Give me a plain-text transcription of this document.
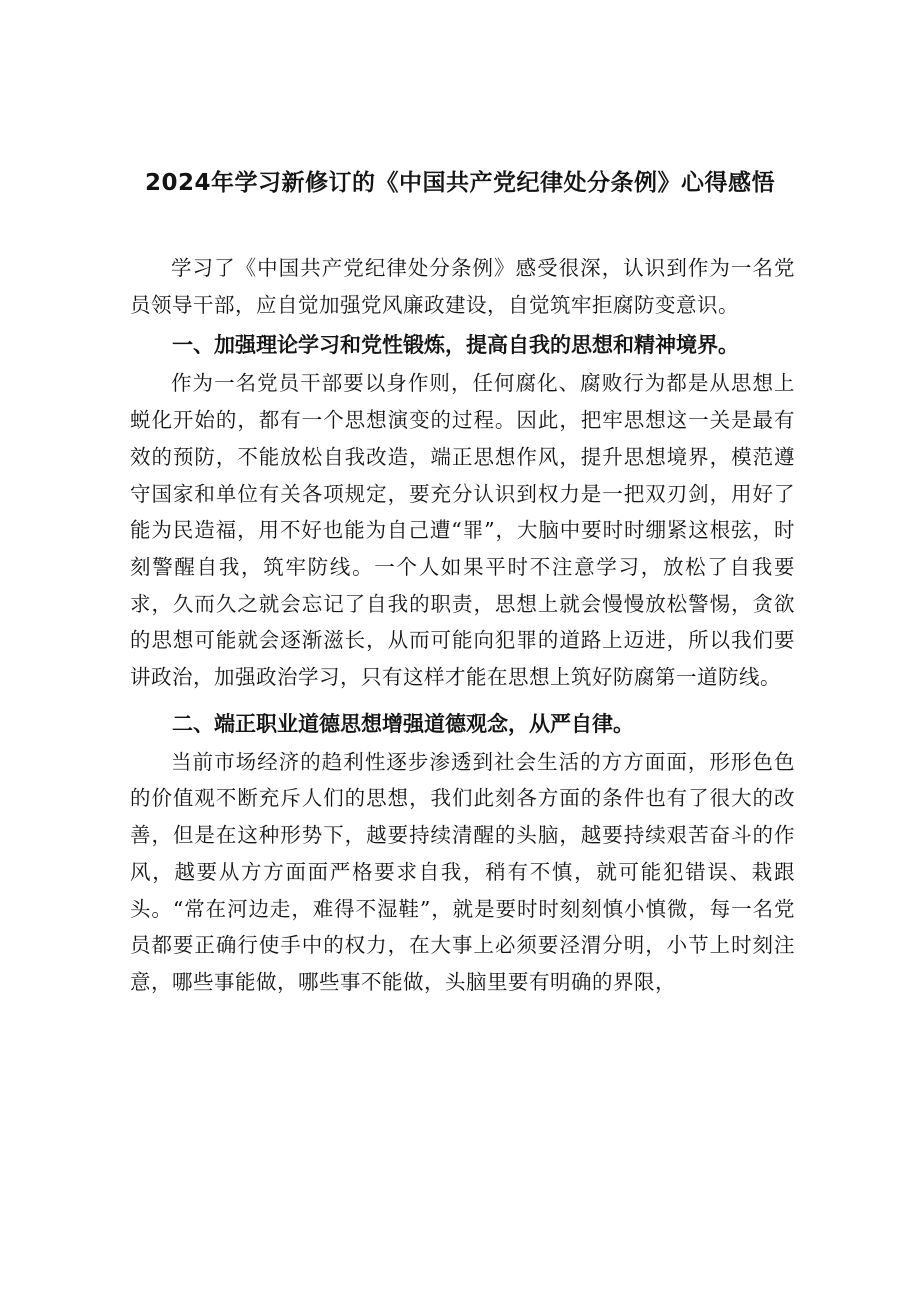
2024年学习新修订的《中国共产党纪律处分条例》心得感悟

学习了《中国共产党纪律处分条例》感受很深，认识到作为一名党员领导干部，应自觉加强党风廉政建设，自觉筑牢拒腐防变意识。

一、加强理论学习和党性锻炼，提高自我的思想和精神境界。

作为一名党员干部要以身作则，任何腐化、腐败行为都是从思想上蜕化开始的，都有一个思想演变的过程。因此，把牢思想这一关是最有效的预防，不能放松自我改造，端正思想作风，提升思想境界，模范遵守国家和单位有关各项规定，要充分认识到权力是一把双刃剑，用好了能为民造福，用不好也能为自己遭“罪”，大脑中要时时绷紧这根弦，时刻警醒自我，筑牢防线。一个人如果平时不注意学习，放松了自我要求，久而久之就会忘记了自我的职责，思想上就会慢慢放松警惕，贪欲的思想可能就会逐渐滋长，从而可能向犯罪的道路上迈进，所以我们要讲政治，加强政治学习，只有这样才能在思想上筑好防腐第一道防线。

二、端正职业道德思想增强道德观念，从严自律。

当前市场经济的趋利性逐步渗透到社会生活的方方面面，形形色色的价值观不断充斥人们的思想，我们此刻各方面的条件也有了很大的改善，但是在这种形势下，越要持续清醒的头脑，越要持续艰苦奋斗的作风，越要从方方面面严格要求自我，稍有不慎，就可能犯错误、栽跟头。“常在河边走，难得不湿鞋”，就是要时时刻刻慎小慎微，每一名党员都要正确行使手中的权力，在大事上必须要泾渭分明，小节上时刻注意，哪些事能做，哪些事不能做，头脑里要有明确的界限，
